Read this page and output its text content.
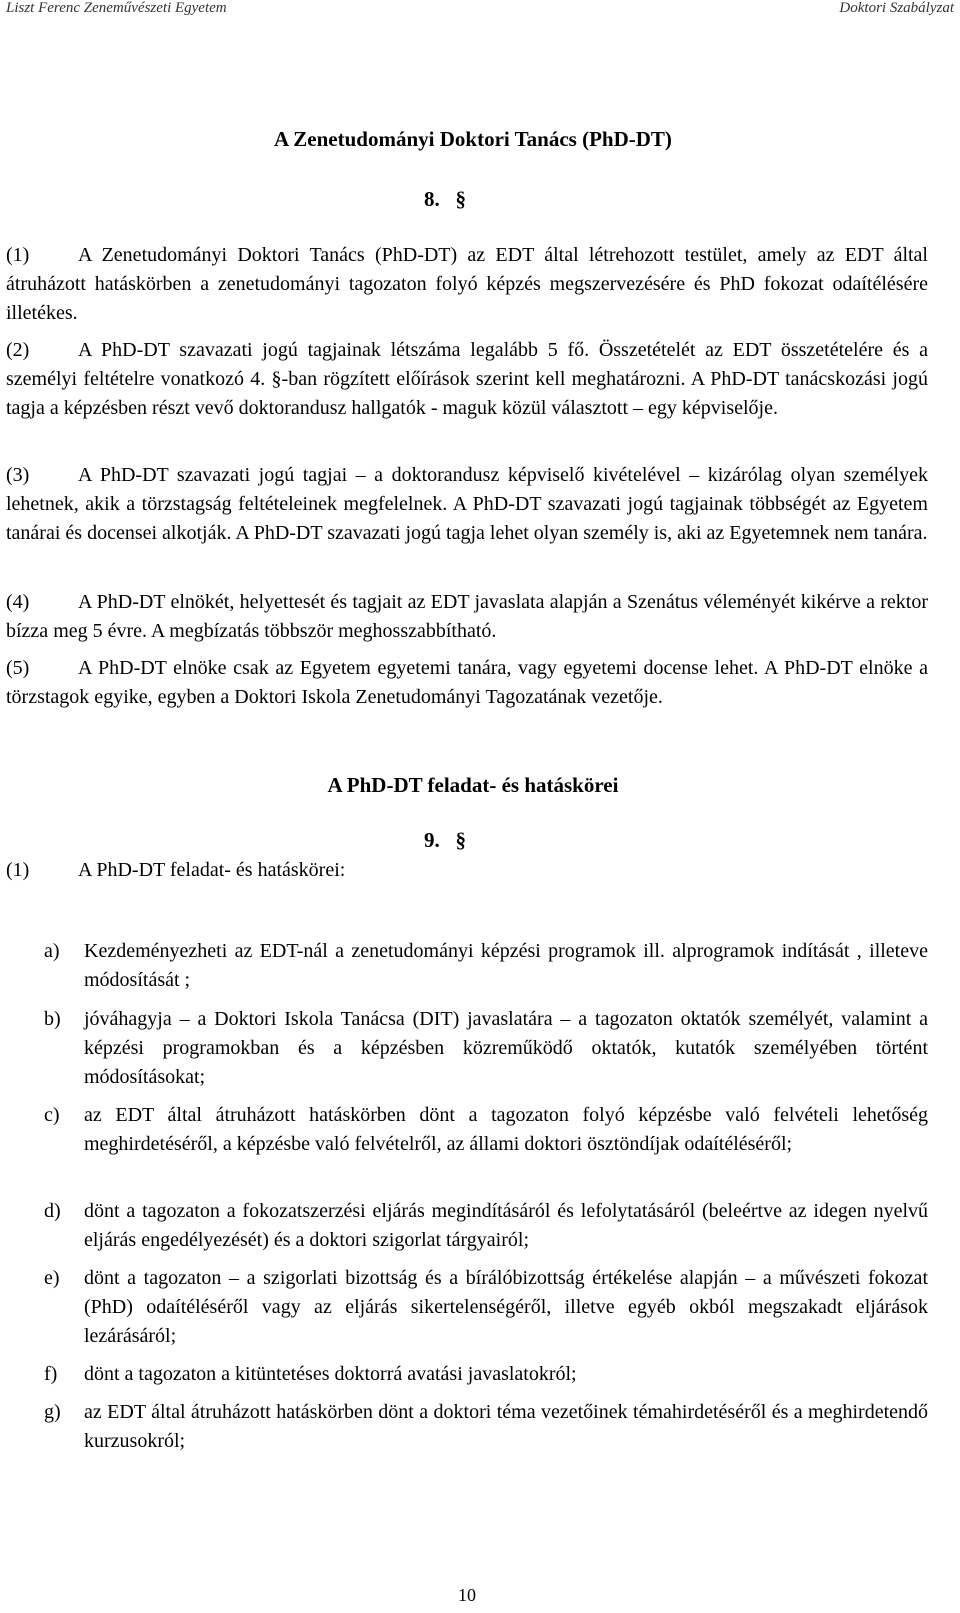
Liszt Ferenc Zeneművészeti Egyetem	Doktori Szabályzat
A Zenetudományi Doktori Tanács (PhD-DT)
8.   §
(1) A Zenetudományi Doktori Tanács (PhD-DT) az EDT által létrehozott testület, amely az EDT által átruházott hatáskörben a zenetudományi tagozaton folyó képzés megszervezésére és PhD fokozat odaítélésére illetékes.
(2) A PhD-DT szavazati jogú tagjainak létszáma legalább 5 fő. Összetételét az EDT összetételére és a személyi feltételre vonatkozó 4. §-ban rögzített előírások szerint kell meghatározni. A PhD-DT tanácskozási jogú tagja a képzésben részt vevő doktorandusz hallgatók - maguk közül választott – egy képviselője.
(3) A PhD-DT szavazati jogú tagjai – a doktorandusz képviselő kivételével – kizárólag olyan személyek lehetnek, akik a törzstagság feltételeinek megfelelnek. A PhD-DT szavazati jogú tagjainak többségét az Egyetem tanárai és docensei alkotják. A PhD-DT szavazati jogú tagja lehet olyan személy is, aki az Egyetemnek nem tanára.
(4) A PhD-DT elnökét, helyettesét és tagjait az EDT javaslata alapján a Szenátus véleményét kikérve a rektor bízza meg 5 évre. A megbízatás többször meghosszabbítható.
(5) A PhD-DT elnöke csak az Egyetem egyetemi tanára, vagy egyetemi docense lehet. A PhD-DT elnöke a törzstagok egyike, egyben a Doktori Iskola Zenetudományi Tagozatának vezetője.
A PhD-DT feladat- és hatáskörei
9.   §
(1) A PhD-DT feladat- és hatáskörei:
a) Kezdeményezheti az EDT-nál a zenetudományi képzési programok ill. alprogramok indítását , illeteve módosítását ;
b) jóváhagyja – a Doktori Iskola Tanácsa (DIT) javaslatára – a tagozaton oktatók személyét, valamint a képzési programokban és a képzésben közreműködő oktatók, kutatók személyében történt módosításokat;
c) az EDT által átruházott hatáskörben dönt a tagozaton folyó képzésbe való felvételi lehetőség meghirdetéséről, a képzésbe való felvételről, az állami doktori ösztöndíjak odaítéléséről;
d) dönt a tagozaton a fokozatszerzési eljárás megindításáról és lefolytatásáról (beleértve az idegen nyelvű eljárás engedélyezését) és a doktori szigorlat tárgyairól;
e) dönt a tagozaton – a szigorlati bizottság és a bírálóbizottság értékelése alapján – a művészeti fokozat (PhD) odaítéléséről vagy az eljárás sikertelenségéről, illetve egyéb okból megszakadt eljárások lezárásáról;
f) dönt a tagozaton a kitüntetéses doktorrá avatási javaslatokról;
g) az EDT által átruházott hatáskörben dönt a doktori téma vezetőinek témahirdetéséről és a meghirdetendő kurzusokról;
10
